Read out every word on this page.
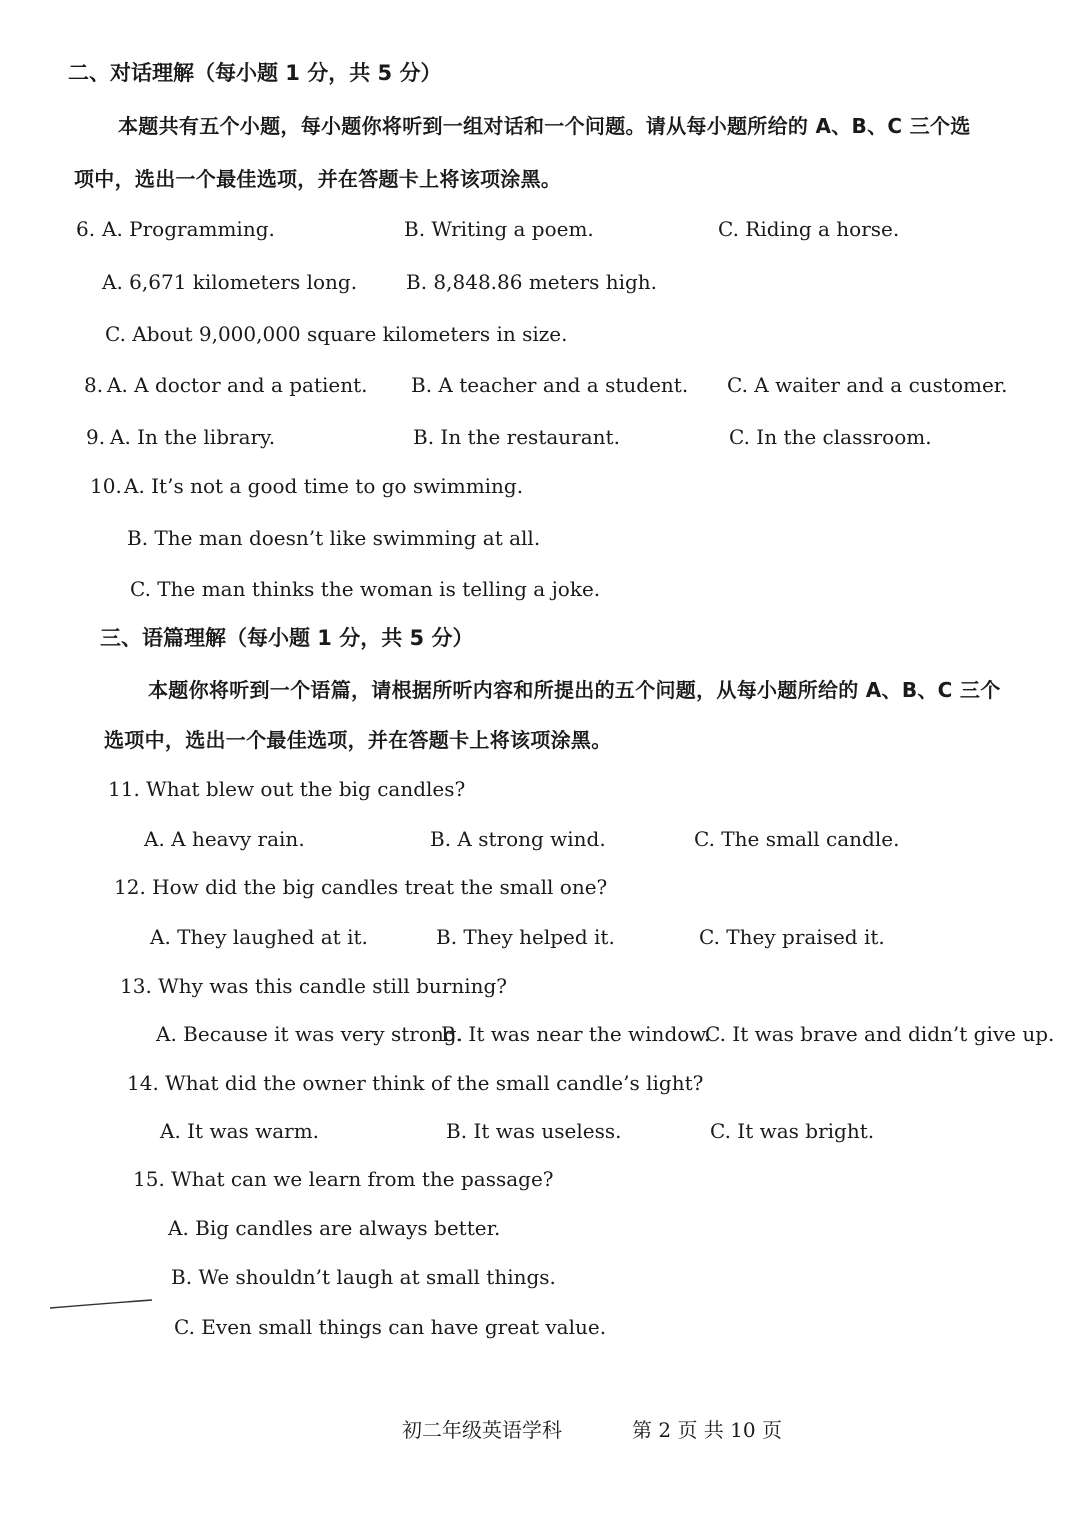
二、对话理解（每小题 1 分，共 5 分）
本题共有五个小题，每小题你将听到一组对话和一个问题。请从每小题所给的 A、B、C 三个选
项中，选出一个最佳选项，并在答题卡上将该项涂黑。
6. A. Programming.	B. Writing a poem.	C. Riding a horse.
A. 6,671 kilometers long. B. 8,848.86 meters high.
C. About 9,000,000 square kilometers in size.
8. A. A doctor and a patient. B. A teacher and a student. C. A waiter and a customer.
9. A. In the library.	B. In the restaurant.	C. In the classroom.
10. A. It’s not a good time to go swimming.
B. The man doesn’t like swimming at all.
C. The man thinks the woman is telling a joke.
三、语篇理解（每小题 1 分，共 5 分）
本题你将听到一个语篇，请根据所听内容和所提出的五个问题，从每小题所给的 A、B、C 三个
选项中，选出一个最佳选项，并在答题卡上将该项涂黑。
11. What blew out the big candles?
A. A heavy rain.	B. A strong wind.	C. The small candle.
12. How did the big candles treat the small one?
A. They laughed at it.	B. They helped it.	C. They praised it.
13. Why was this candle still burning?
A. Because it was very strong.
B. It was near the window.
C. It was brave and didn’t give up.
14. What did the owner think of the small candle’s light?
A. It was warm.	B. It was useless.	C. It was bright.
15. What can we learn from the passage?
A. Big candles are always better.
B. We shouldn’t laugh at small things.
C. Even small things can have great value.
初二年级英语学科	第 2 页 共 10 页
